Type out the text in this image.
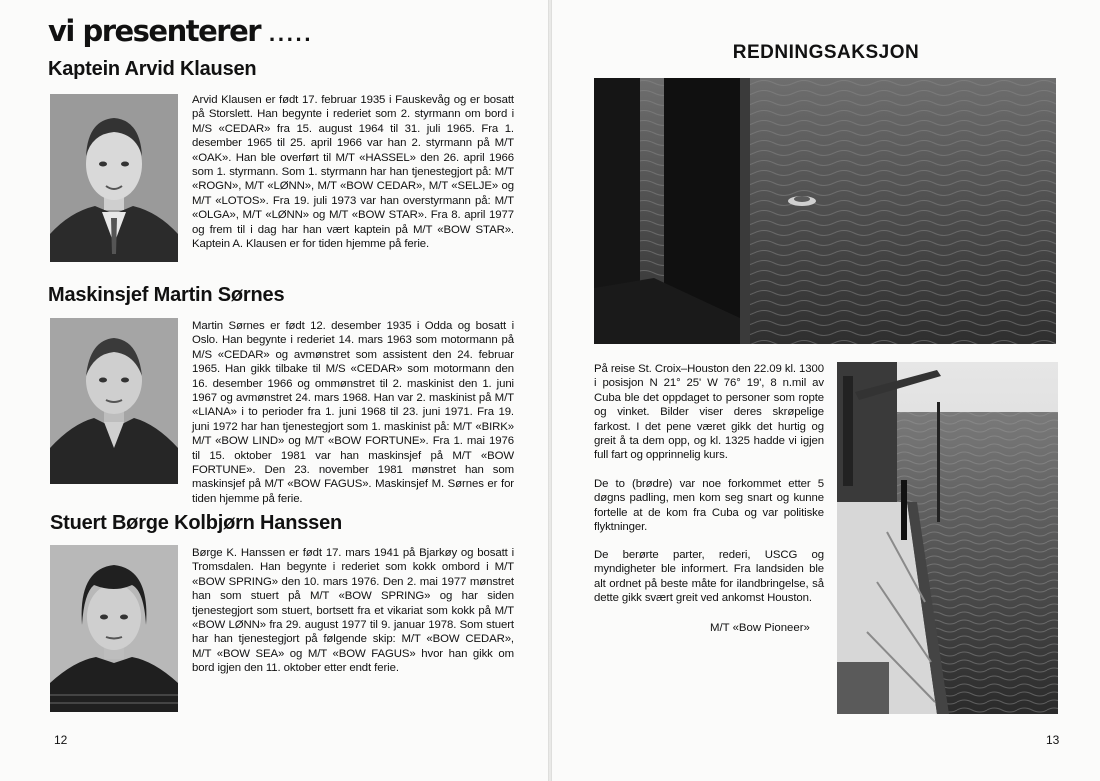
vi presenterer .....
Kaptein Arvid Klausen

Arvid Klausen er født 17. februar 1935 i Fauskevåg og er bosatt på Storslett. Han begynte i rederiet som 2. styrmann om bord i M/S «CEDAR» fra 15. august 1964 til 31. juli 1965. Fra 1. desember 1965 til 25. april 1966 var han 2. styrmann på M/T «OAK». Han ble overført til M/T «HASSEL» den 26. april 1966 som 1. styrmann. Som 1. styrmann har han tjenestegjort på: M/T «ROGN», M/T «LØNN», M/T «BOW CEDAR», M/T «SELJE» og M/T «LOTOS». Fra 19. juli 1973 var han overstyrmann på: M/T «OLGA», M/T «LØNN» og M/T «BOW STAR». Fra 8. april 1977 og frem til i dag har han vært kaptein på M/T «BOW STAR». Kaptein A. Klausen er for tiden hjemme på ferie.

Maskinsjef Martin Sørnes

Martin Sørnes er født 12. desember 1935 i Odda og bosatt i Oslo. Han begynte i rederiet 14. mars 1963 som motormann på M/S «CEDAR» og avmønstret som assistent den 24. februar 1965. Han gikk tilbake til M/S «CEDAR» som motormann den 16. desember 1966 og ommønstret til 2. maskinist den 1. juni 1967 og avmønstret 24. mars 1968. Han var 2. maskinist på M/T «LIANA» i to perioder fra 1. juni 1968 til 23. juni 1971. Fra 19. juni 1972 har han tjenestegjort som 1. maskinist på: M/T «BIRK» M/T «BOW LIND» og M/T «BOW FORTUNE». Fra 1. mai 1976 til 15. oktober 1981 var han maskinsjef på M/T «BOW FORTUNE». Den 23. november 1981 mønstret han som maskinsjef på M/T «BOW FAGUS». Maskinsjef M. Sørnes er for tiden hjemme på ferie.

Stuert Børge Kolbjørn Hanssen

Børge K. Hanssen er født 17. mars 1941 på Bjarkøy og bosatt i Tromsdalen. Han begynte i rederiet som kokk ombord i M/T «BOW SPRING» den 10. mars 1976. Den 2. mai 1977 mønstret han som stuert på M/T «BOW SPRING» og har siden tjenestegjort som stuert, bortsett fra et vikariat som kokk på M/T «BOW LØNN» fra 29. august 1977 til 9. januar 1978. Som stuert har han tjenestegjort på følgende skip: M/T «BOW CEDAR», M/T «BOW SEA» og M/T «BOW FAGUS» hvor han gikk om bord igjen den 11. oktober etter endt ferie.

12
REDNINGSAKSJON

På reise St. Croix–Houston den 22.09 kl. 1300 i posisjon N 21° 25' W 76° 19', 8 n.mil av Cuba ble det oppdaget to personer som ropte og vinket. Bilder viser deres skrøpelige farkost. I det pene været gikk det hurtig og greit å ta dem opp, og kl. 1325 hadde vi igjen full fart og opprinnelig kurs.

De to (brødre) var noe forkommet etter 5 døgns padling, men kom seg snart og kunne fortelle at de kom fra Cuba og var politiske flyktninger.

De berørte parter, rederi, USCG og myndigheter ble informert. Fra landsiden ble alt ordnet på beste måte for ilandbringelse, så dette gikk svært greit ved ankomst Houston.

M/T «Bow Pioneer»
13
